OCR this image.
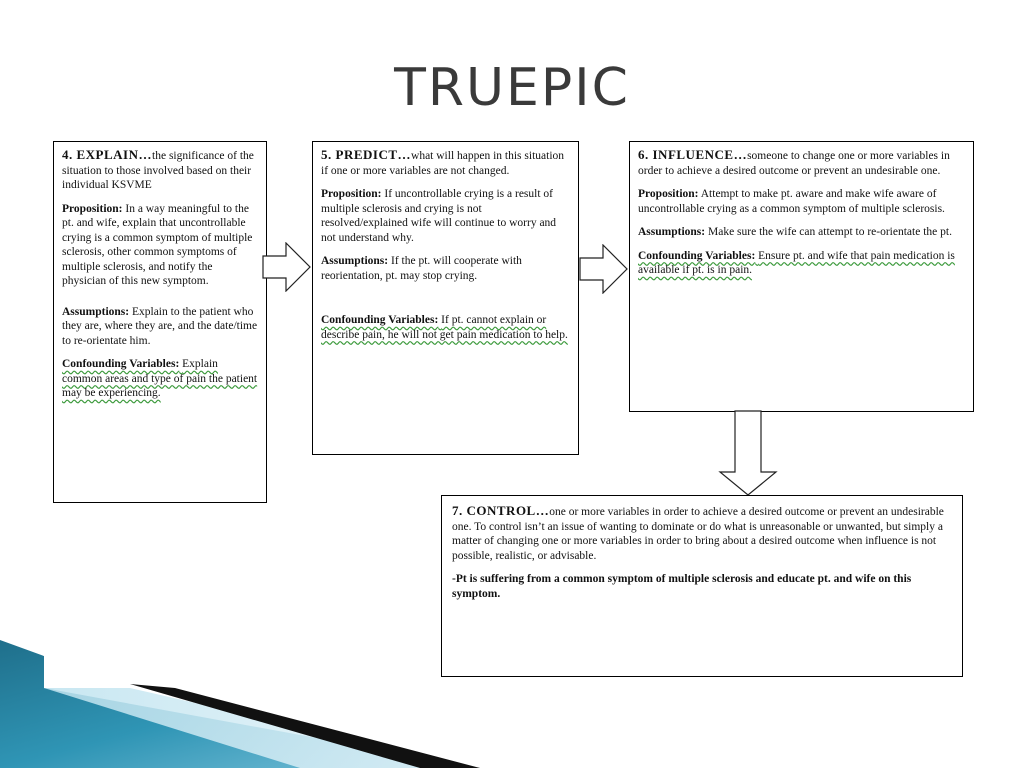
TRUEPIC

4. EXPLAIN…the significance of the situation to those involved based on their individual KSVME

Proposition: In a way meaningful to the pt. and wife, explain that uncontrollable crying is a common symptom of multiple sclerosis, other common symptoms of multiple sclerosis, and notify the physician of this new symptom.

Assumptions: Explain to the patient who they are, where they are, and the date/time to re-orientate him.

Confounding Variables: Explain common areas and type of pain the patient may be experiencing.

5. PREDICT…what will happen in this situation if one or more variables are not changed.

Proposition: If uncontrollable crying is a result of multiple sclerosis and crying is not resolved/explained wife will continue to worry and not understand why.

Assumptions: If the pt. will cooperate with reorientation, pt. may stop crying.

Confounding Variables: If pt. cannot explain or describe pain, he will not get pain medication to help.

6. INFLUENCE…someone to change one or more variables in order to achieve a desired outcome or prevent an undesirable one.

Proposition: Attempt to make pt. aware and make wife aware of uncontrollable crying as a common symptom of multiple sclerosis.

Assumptions: Make sure the wife can attempt to re-orientate the pt.

Confounding Variables: Ensure pt. and wife that pain medication is available if pt. is in pain.

7. CONTROL…one or more variables in order to achieve a desired outcome or prevent an undesirable one. To control isn’t an issue of wanting to dominate or do what is unreasonable or unwanted, but simply a matter of changing one or more variables in order to bring about a desired outcome when influence is not possible, realistic, or advisable.

-Pt is suffering from a common symptom of multiple sclerosis and educate pt. and wife on this symptom.
